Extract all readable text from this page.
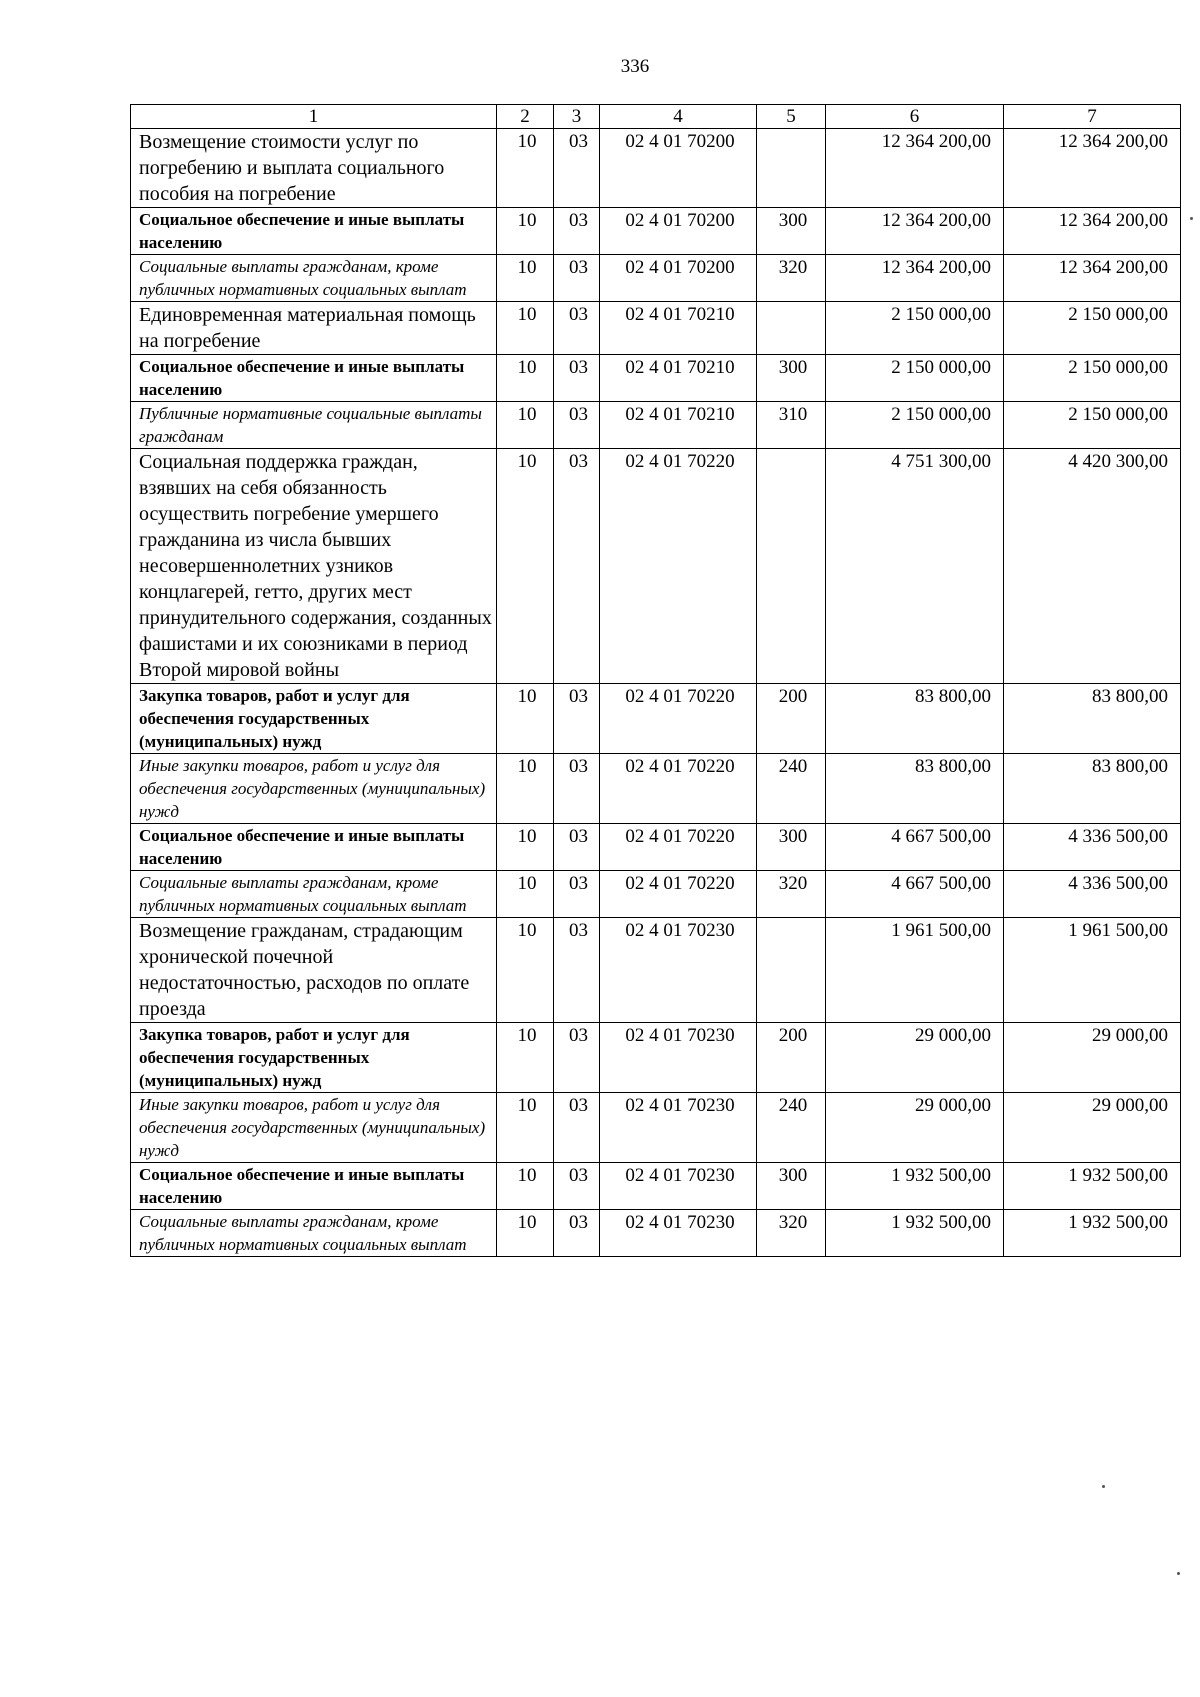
336
1	2	3	4	5	6	7
Возмещение стоимости услуг по погребению и выплата социального пособия на погребение	10	03	02 4 01 70200		12 364 200,00	12 364 200,00
Социальное обеспечение и иные выплаты населению	10	03	02 4 01 70200	300	12 364 200,00	12 364 200,00
Социальные выплаты гражданам, кроме публичных нормативных социальных выплат	10	03	02 4 01 70200	320	12 364 200,00	12 364 200,00
Единовременная материальная помощь на погребение	10	03	02 4 01 70210		2 150 000,00	2 150 000,00
Социальное обеспечение и иные выплаты населению	10	03	02 4 01 70210	300	2 150 000,00	2 150 000,00
Публичные нормативные социальные выплаты гражданам	10	03	02 4 01 70210	310	2 150 000,00	2 150 000,00
Социальная поддержка граждан, взявших на себя обязанность осуществить погребение умершего гражданина из числа бывших несовершеннолетних узников концлагерей, гетто, других мест принудительного содержания, созданных фашистами и их союзниками в период Второй мировой войны	10	03	02 4 01 70220		4 751 300,00	4 420 300,00
Закупка товаров, работ и услуг для обеспечения государственных (муниципальных) нужд	10	03	02 4 01 70220	200	83 800,00	83 800,00
Иные закупки товаров, работ и услуг для обеспечения государственных (муниципальных) нужд	10	03	02 4 01 70220	240	83 800,00	83 800,00
Социальное обеспечение и иные выплаты населению	10	03	02 4 01 70220	300	4 667 500,00	4 336 500,00
Социальные выплаты гражданам, кроме публичных нормативных социальных выплат	10	03	02 4 01 70220	320	4 667 500,00	4 336 500,00
Возмещение гражданам, страдающим хронической почечной недостаточностью, расходов по оплате проезда	10	03	02 4 01 70230		1 961 500,00	1 961 500,00
Закупка товаров, работ и услуг для обеспечения государственных (муниципальных) нужд	10	03	02 4 01 70230	200	29 000,00	29 000,00
Иные закупки товаров, работ и услуг для обеспечения государственных (муниципальных) нужд	10	03	02 4 01 70230	240	29 000,00	29 000,00
Социальное обеспечение и иные выплаты населению	10	03	02 4 01 70230	300	1 932 500,00	1 932 500,00
Социальные выплаты гражданам, кроме публичных нормативных социальных выплат	10	03	02 4 01 70230	320	1 932 500,00	1 932 500,00
